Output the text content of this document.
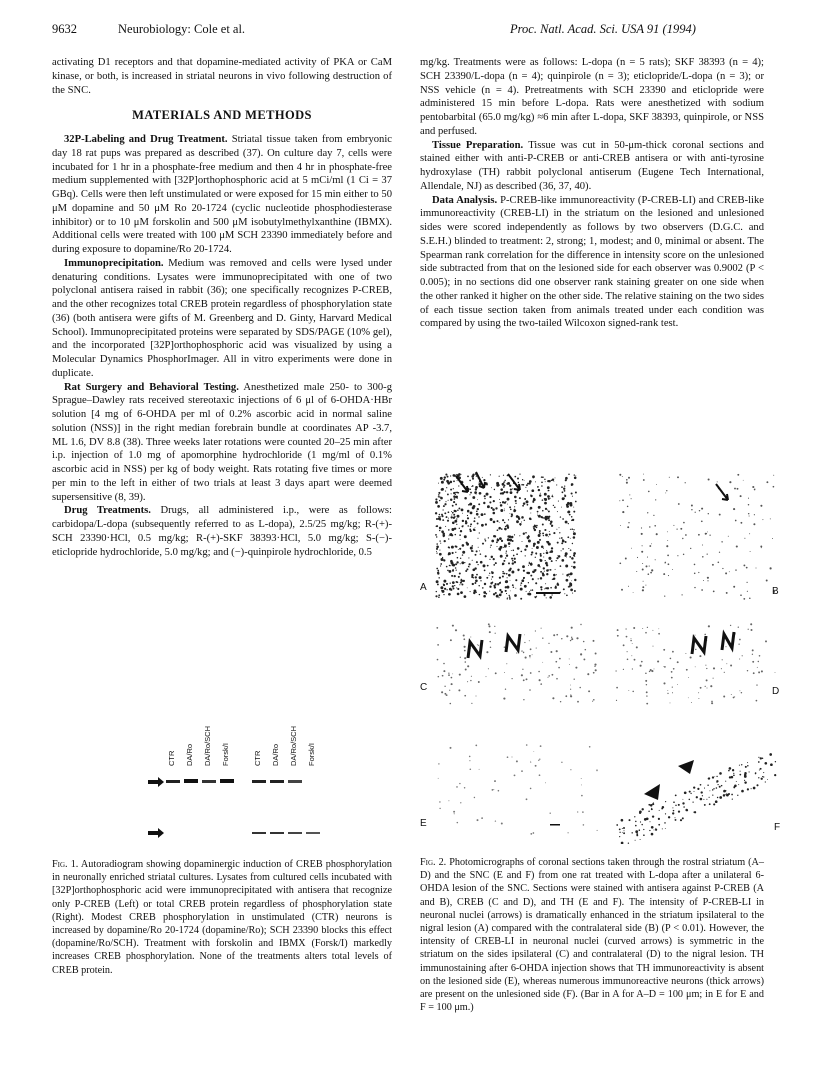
9632	Neurobiology: Cole et al.	Proc. Natl. Acad. Sci. USA 91 (1994)

activating D1 receptors and that dopamine-mediated activity of PKA or CaM kinase, or both, is increased in striatal neurons in vivo following destruction of the SNC.

MATERIALS AND METHODS

32P-Labeling and Drug Treatment. Striatal tissue taken from embryonic day 18 rat pups was prepared as described (37). On culture day 7, cells were incubated for 1 hr in a phosphate-free medium and then 4 hr in phosphate-free medium supplemented with [32P]orthophosphoric acid at 5 mCi/ml (1 Ci = 37 GBq). Cells were then left unstimulated or were exposed for 15 min either to 50 μM dopamine and 50 μM Ro 20-1724 (cyclic nucleotide phosphodiesterase inhibitor) or to 10 μM forskolin and 500 μM isobutylmethylxanthine (IBMX). Additional cells were treated with 100 μM SCH 23390 immediately before and during exposure to dopamine/Ro 20-1724.

Immunoprecipitation. Medium was removed and cells were lysed under denaturing conditions. Lysates were immunoprecipitated with one of two polyclonal antisera raised in rabbit (36); one specifically recognizes P-CREB, and the other recognizes total CREB protein regardless of phosphorylation state (36) (both antisera were gifts of M. Greenberg and D. Ginty, Harvard Medical School). Immunoprecipitated proteins were separated by SDS/PAGE (10% gel), and the incorporated [32P]orthophosphoric acid was visualized by using a Molecular Dynamics PhosphorImager. All in vitro experiments were done in duplicate.

Rat Surgery and Behavioral Testing. Anesthetized male 250- to 300-g Sprague–Dawley rats received stereotaxic injections of 6 μl of 6-OHDA·HBr solution [4 mg of 6-OHDA per ml of 0.2% ascorbic acid in normal saline solution (NSS)] in the right median forebrain bundle at coordinates AP -3.7, ML 1.6, DV 8.8 (38). Three weeks later rotations were counted 20–25 min after i.p. injection of 1.0 mg of apomorphine hydrochloride (1 mg/ml of 0.1% ascorbic acid in NSS) per kg of body weight. Rats rotating five times or more per min to the left in either of two trials at least 3 days apart were deemed supersensitive (8, 39).

Drug Treatments. Drugs, all administered i.p., were as follows: carbidopa/L-dopa (subsequently referred to as L-dopa), 2.5/25 mg/kg; R-(+)-SCH 23390·HCl, 0.5 mg/kg; R-(+)-SKF 38393·HCl, 5.0 mg/kg; S-(−)-eticlopride hydrochloride, 5.0 mg/kg; and (−)-quinpirole hydrochloride, 0.5

CTR DA/Ro DA/Ro/SCH Forsk/I	CTR DA/Ro DA/Ro/SCH Forsk/I
Fig. 1. Autoradiogram showing dopaminergic induction of CREB phosphorylation in neuronally enriched striatal cultures. Lysates from cultured cells incubated with [32P]orthophosphoric acid were immunoprecipitated with antisera that recognize only P-CREB (Left) or total CREB protein regardless of phosphorylation state (Right). Modest CREB phosphorylation in unstimulated (CTR) neurons is increased by dopamine/Ro 20-1724 (dopamine/Ro); SCH 23390 blocks this effect (dopamine/Ro/SCH). Treatment with forskolin and IBMX (Forsk/I) markedly increases CREB phosphorylation. None of the treatments alters total levels of CREB protein.

mg/kg. Treatments were as follows: L-dopa (n = 5 rats); SKF 38393 (n = 4); SCH 23390/L-dopa (n = 4); quinpirole (n = 3); eticlopride/L-dopa (n = 3); or NSS vehicle (n = 4). Pretreatments with SCH 23390 and eticlopride were administered 15 min before L-dopa. Rats were anesthetized with sodium pentobarbital (65.0 mg/kg) ≈6 min after L-dopa, SKF 38393, quinpirole, or NSS and perfused.

Tissue Preparation. Tissue was cut in 50-μm-thick coronal sections and stained either with anti-P-CREB or anti-CREB antisera or with anti-tyrosine hydroxylase (TH) rabbit polyclonal antiserum (Eugene Tech International, Allendale, NJ) as described (36, 37, 40).

Data Analysis. P-CREB-like immunoreactivity (P-CREB-LI) and CREB-like immunoreactivity (CREB-LI) in the striatum on the lesioned and unlesioned sides were scored independently as follows by two observers (D.G.C. and S.E.H.) blinded to treatment: 2, strong; 1, modest; and 0, minimal or absent. The Spearman rank correlation for the difference in intensity score on the unlesioned side subtracted from that on the lesioned side for each observer was 0.9002 (P < 0.005); in no sections did one observer rank staining greater on one side when the other ranked it higher on the other side. The relative staining on the two sides of each tissue section taken from animals treated under each condition was compared by using the two-tailed Wilcoxon signed-rank test.

A	B
C	D
E	F
Fig. 2. Photomicrographs of coronal sections taken through the rostral striatum (A–D) and the SNC (E and F) from one rat treated with L-dopa after a unilateral 6-OHDA lesion of the SNC. Sections were stained with antisera against P-CREB (A and B), CREB (C and D), and TH (E and F). The intensity of P-CREB-LI in neuronal nuclei (arrows) is dramatically enhanced in the striatum ipsilateral to the nigral lesion (A) compared with the contralateral side (B) (P < 0.01). However, the intensity of CREB-LI in neuronal nuclei (curved arrows) is symmetric in the striatum on the sides ipsilateral (C) and contralateral (D) to the nigral lesion. TH immunostaining after 6-OHDA injection shows that TH immunoreactivity is absent on the lesioned side (E), whereas numerous immunoreactive neurons (thick arrows) are present on the unlesioned side (F). (Bar in A for A–D = 100 μm; in E for E and F = 100 μm.)
